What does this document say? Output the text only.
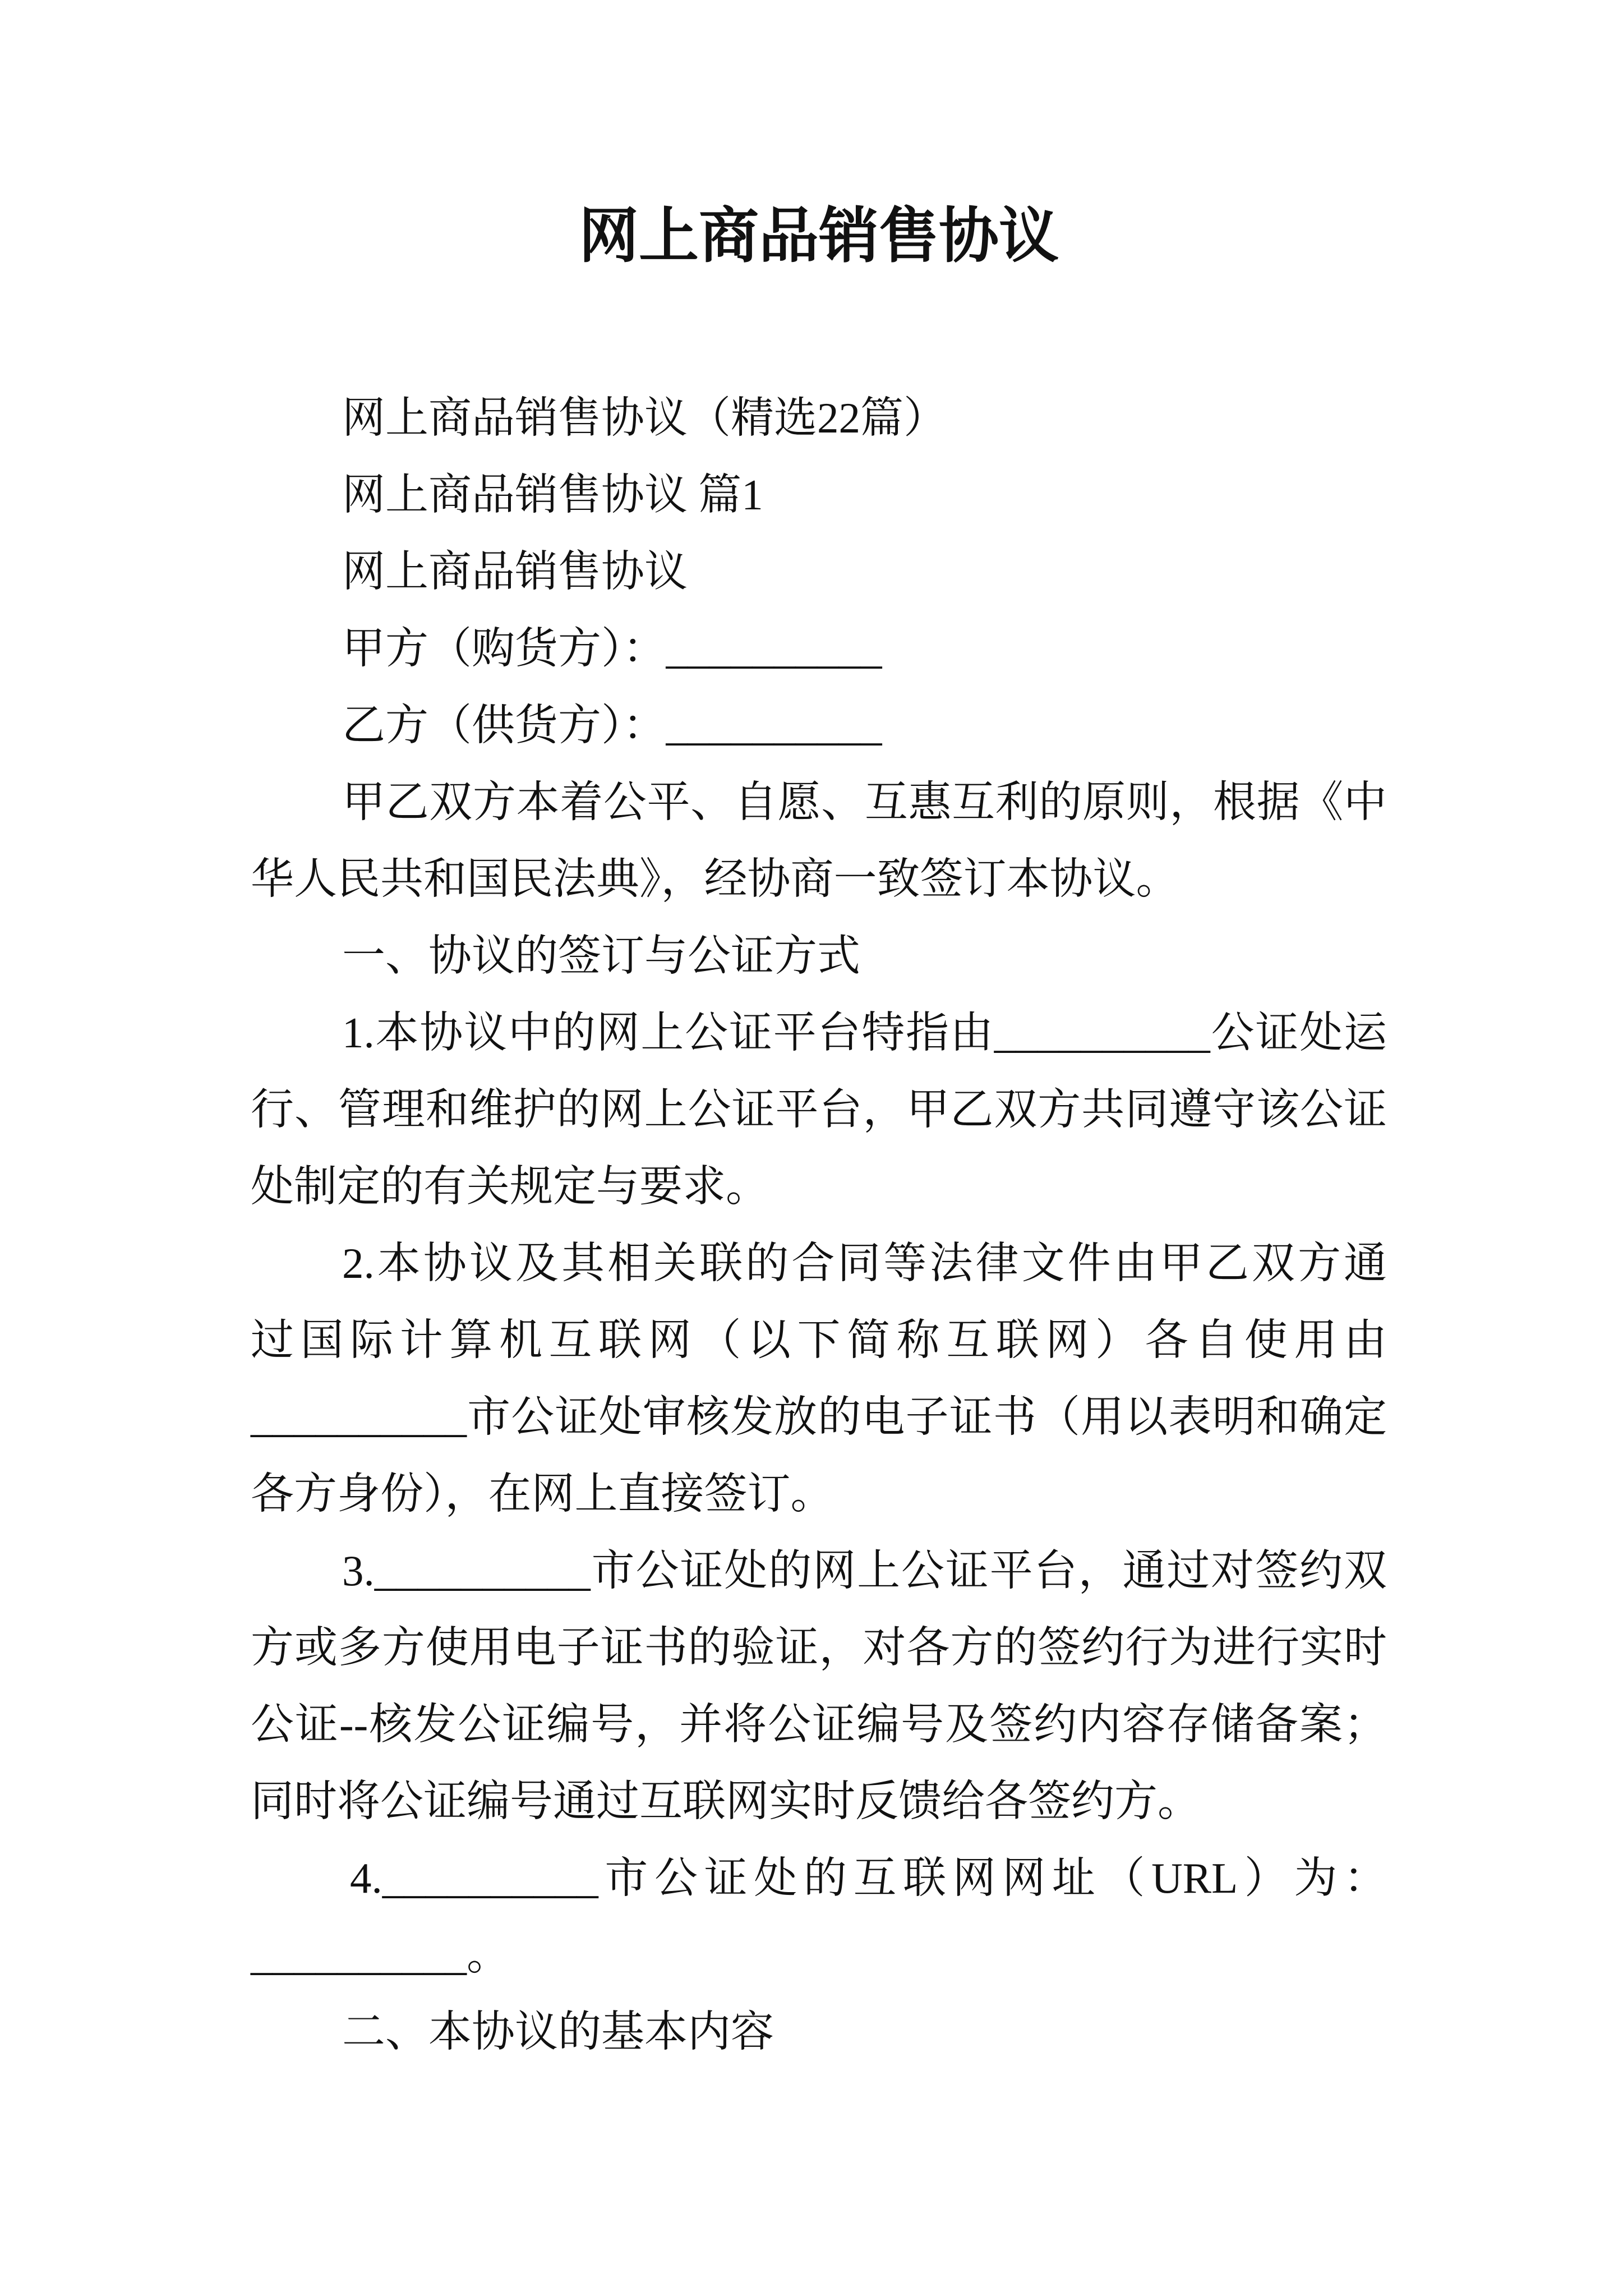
网上商品销售协议
网上商品销售协议（精选22篇）
网上商品销售协议 篇1
网上商品销售协议
甲方（购货方）：__________
乙方（供货方）：__________
甲乙双方本着公平、自愿、互惠互利的原则，根据《中
华人民共和国民法典》，经协商一致签订本协议。
一、协议的签订与公证方式
1.本协议中的网上公证平台特指由__________公证处运
行、管理和维护的网上公证平台，甲乙双方共同遵守该公证
处制定的有关规定与要求。
2.本协议及其相关联的合同等法律文件由甲乙双方通
过国际计算机互联网（以下简称互联网）各自使用由
__________市公证处审核发放的电子证书（用以表明和确定
各方身份），在网上直接签订。
3.__________市公证处的网上公证平台，通过对签约双
方或多方使用电子证书的验证，对各方的签约行为进行实时
公证--核发公证编号，并将公证编号及签约内容存储备案；
同时将公证编号通过互联网实时反馈给各签约方。
4.__________市公证处的互联网网址（URL）为：
__________。
二、本协议的基本内容
